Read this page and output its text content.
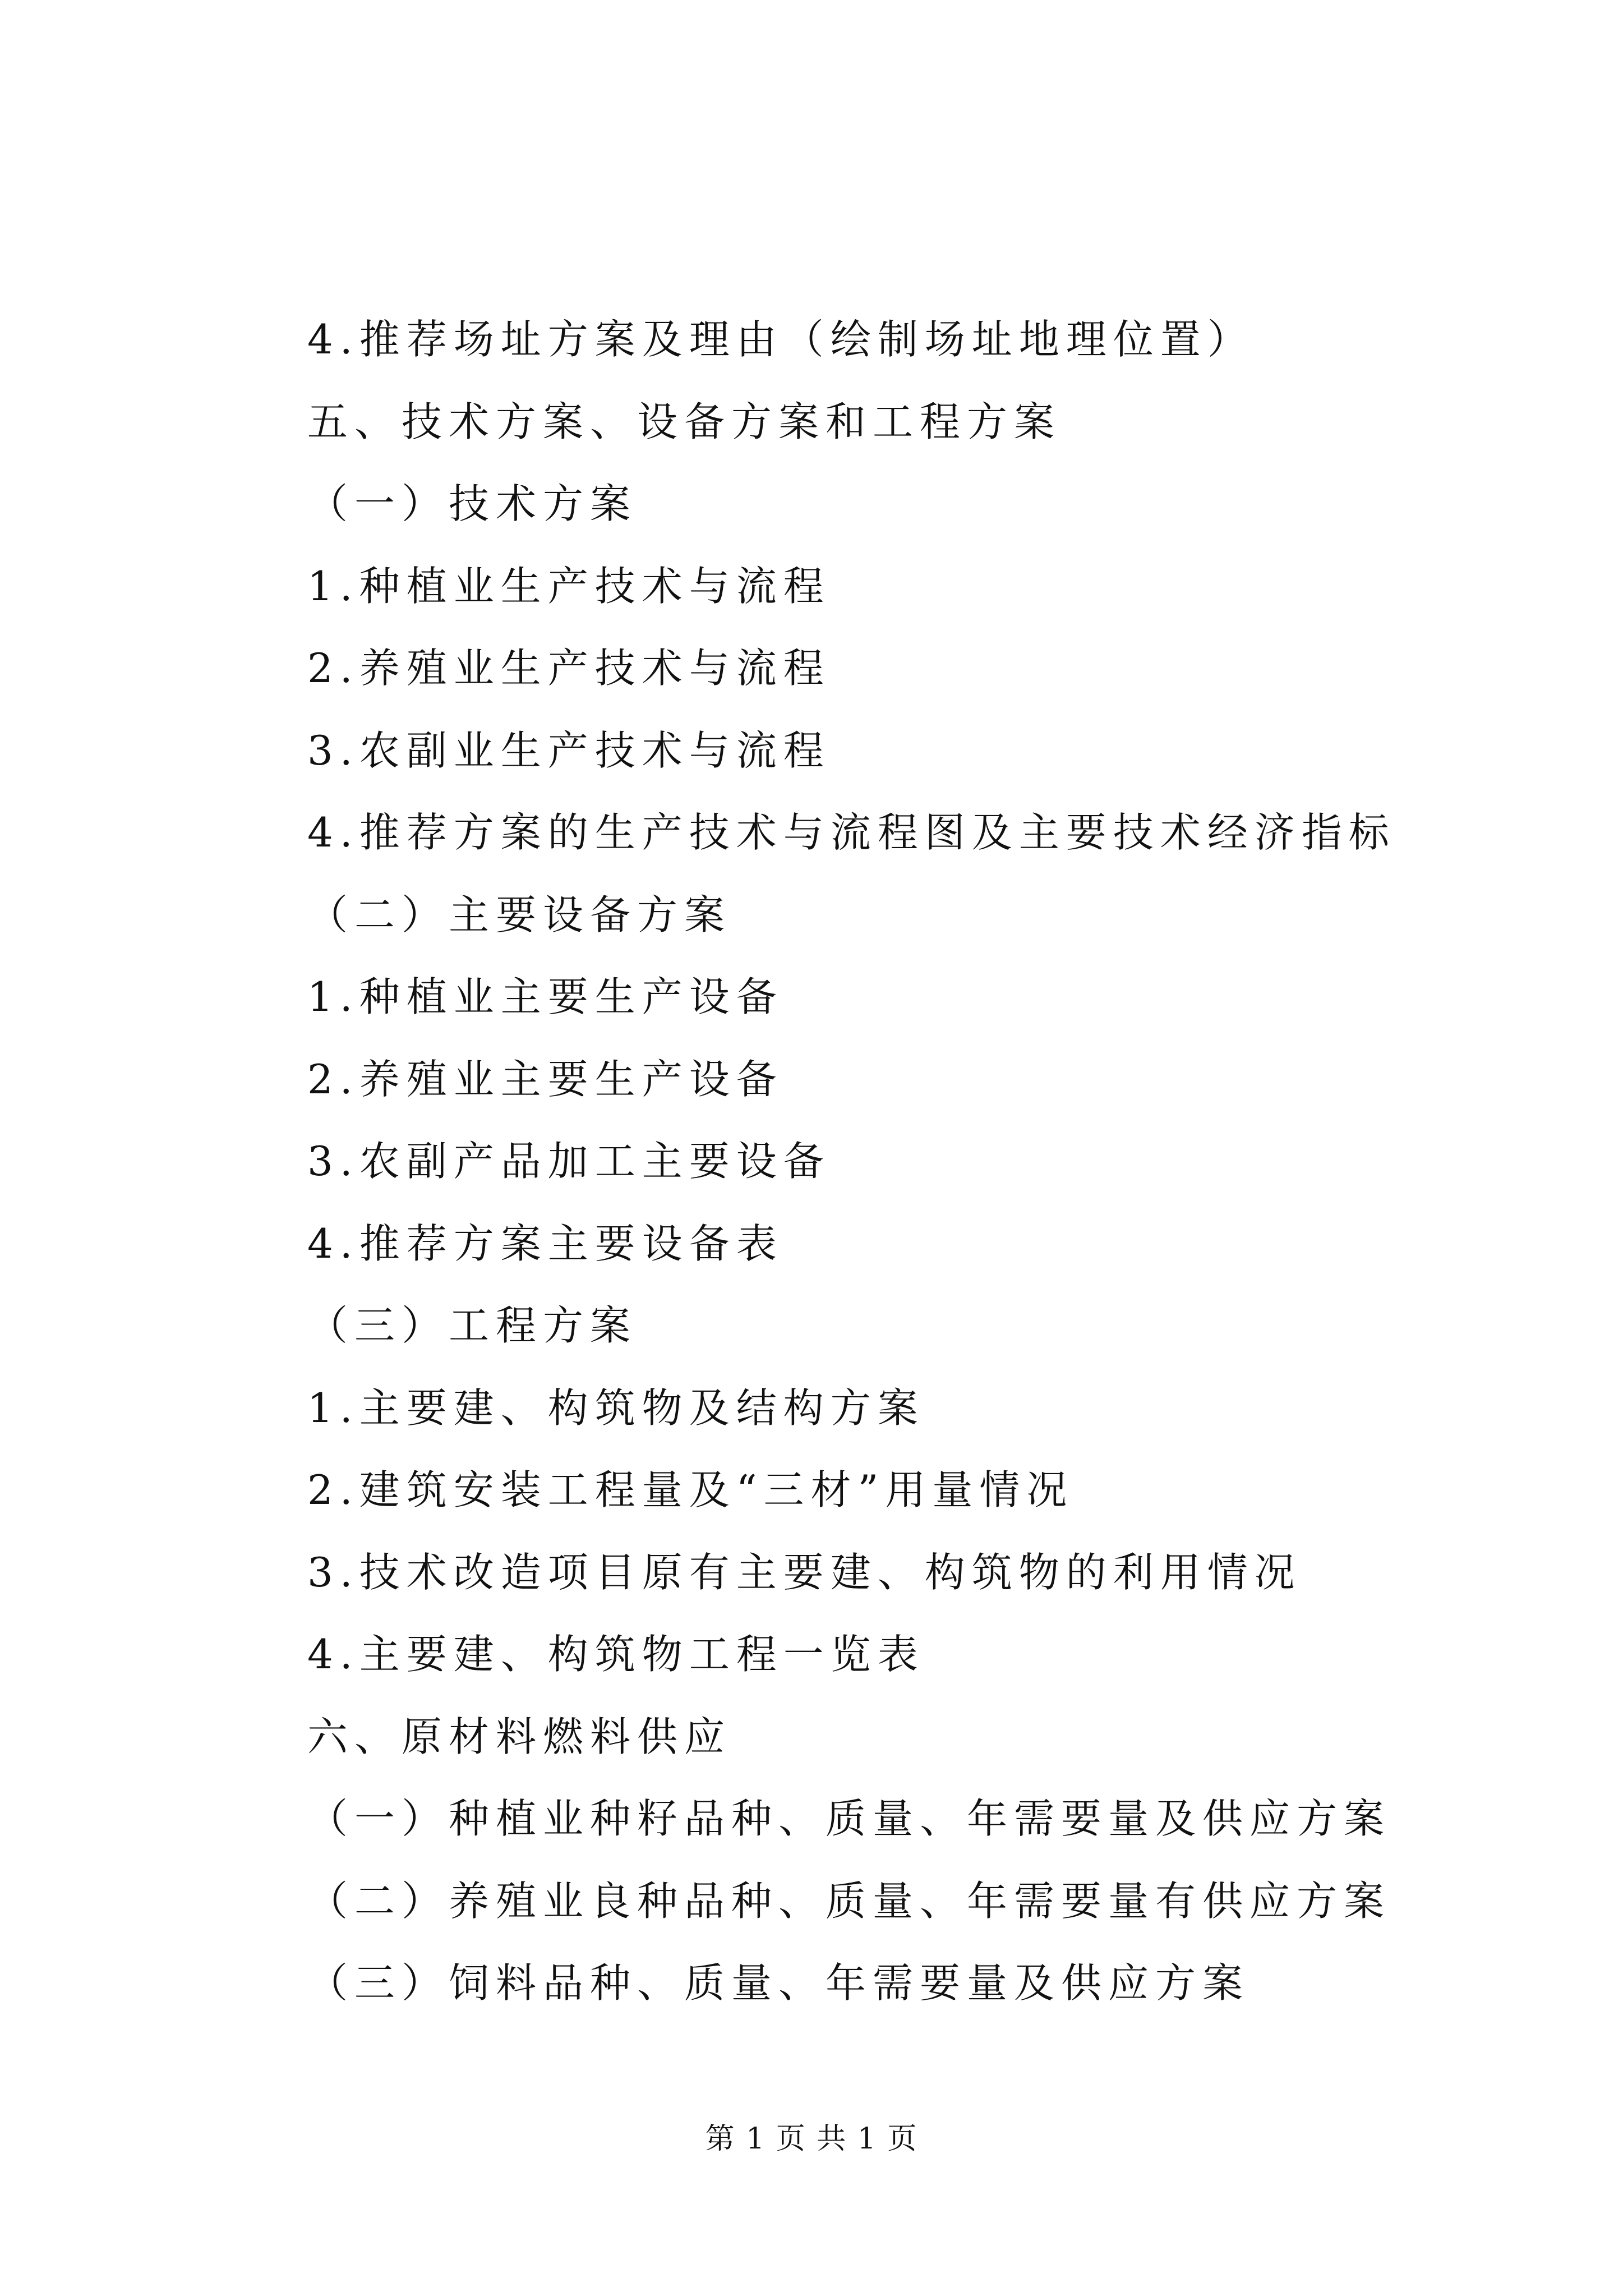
4.推荐场址方案及理由（绘制场址地理位置）
五、技术方案、设备方案和工程方案
（一）技术方案
1.种植业生产技术与流程
2.养殖业生产技术与流程
3.农副业生产技术与流程
4.推荐方案的生产技术与流程图及主要技术经济指标
（二）主要设备方案
1.种植业主要生产设备
2.养殖业主要生产设备
3.农副产品加工主要设备
4.推荐方案主要设备表
（三）工程方案
1.主要建、构筑物及结构方案
2.建筑安装工程量及“三材”用量情况
3.技术改造项目原有主要建、构筑物的利用情况
4.主要建、构筑物工程一览表
六、原材料燃料供应
（一）种植业种籽品种、质量、年需要量及供应方案
（二）养殖业良种品种、质量、年需要量有供应方案
（三）饲料品种、质量、年需要量及供应方案
第 1 页 共 1 页
